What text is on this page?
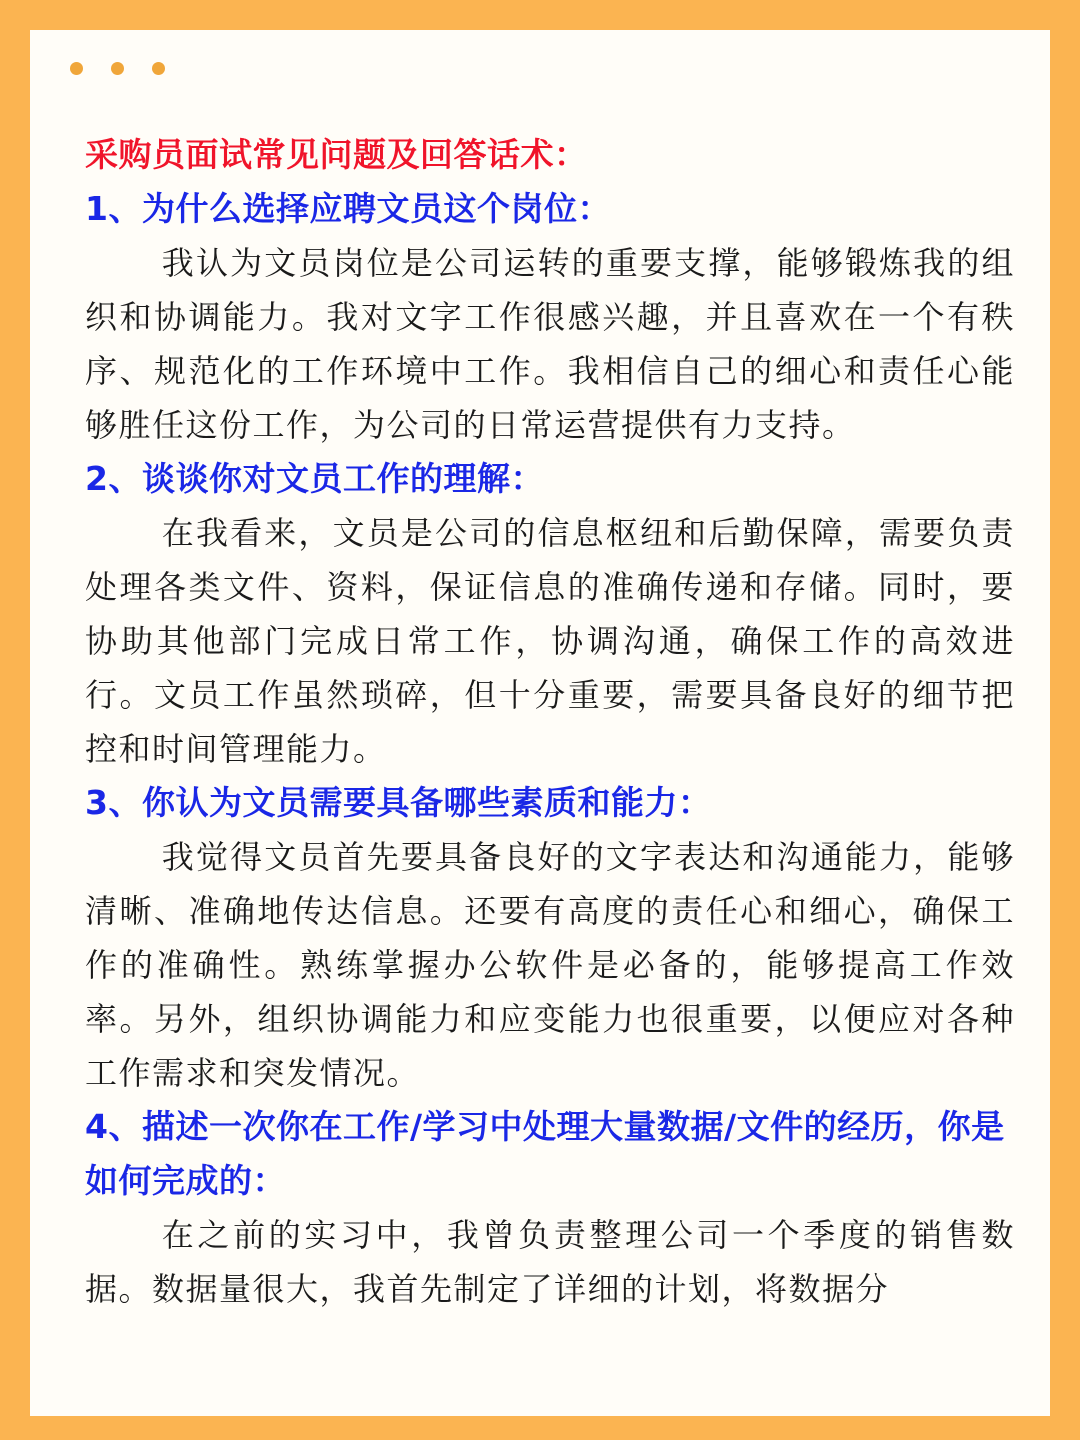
采购员面试常见问题及回答话术：

1、为什么选择应聘文员这个岗位：

我认为文员岗位是公司运转的重要支撑，能够锻炼我的组织和协调能力。我对文字工作很感兴趣，并且喜欢在一个有秩序、规范化的工作环境中工作。我相信自己的细心和责任心能够胜任这份工作，为公司的日常运营提供有力支持。

2、谈谈你对文员工作的理解：

在我看来，文员是公司的信息枢纽和后勤保障，需要负责处理各类文件、资料，保证信息的准确传递和存储。同时，要协助其他部门完成日常工作，协调沟通，确保工作的高效进行。文员工作虽然琐碎，但十分重要，需要具备良好的细节把控和时间管理能力。

3、你认为文员需要具备哪些素质和能力：

我觉得文员首先要具备良好的文字表达和沟通能力，能够清晰、准确地传达信息。还要有高度的责任心和细心，确保工作的准确性。熟练掌握办公软件是必备的，能够提高工作效率。另外，组织协调能力和应变能力也很重要，以便应对各种工作需求和突发情况。

4、描述一次你在工作/学习中处理大量数据/文件的经历，你是如何完成的：

在之前的实习中，我曾负责整理公司一个季度的销售数据。数据量很大，我首先制定了详细的计划，将数据分
